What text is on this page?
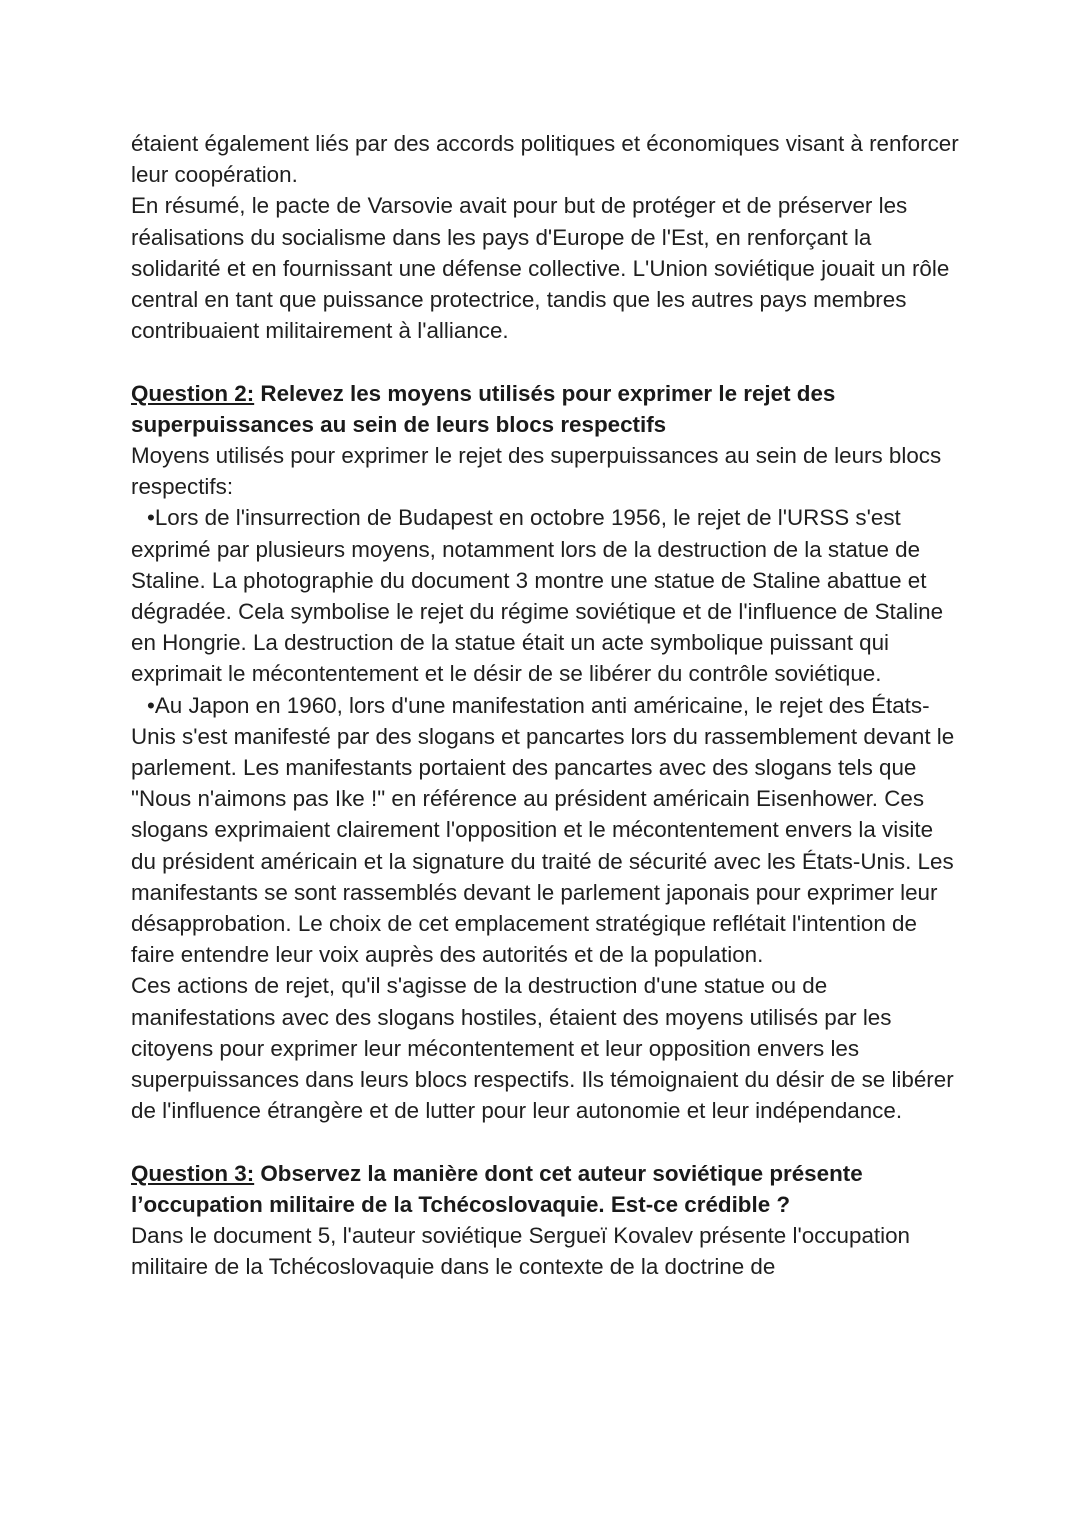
étaient également liés par des accords politiques et économiques visant à renforcer leur coopération.

En résumé, le pacte de Varsovie avait pour but de protéger et de préserver les réalisations du socialisme dans les pays d'Europe de l'Est, en renforçant la solidarité et en fournissant une défense collective. L'Union soviétique jouait un rôle central en tant que puissance protectrice, tandis que les autres pays membres contribuaient militairement à l'alliance.

Question 2: Relevez les moyens utilisés pour exprimer le rejet des superpuissances au sein de leurs blocs respectifs

Moyens utilisés pour exprimer le rejet des superpuissances au sein de leurs blocs respectifs:

•Lors de l'insurrection de Budapest en octobre 1956, le rejet de l'URSS s'est exprimé par plusieurs moyens, notamment lors de la destruction de la statue de Staline. La photographie du document 3 montre une statue de Staline abattue et dégradée. Cela symbolise le rejet du régime soviétique et de l'influence de Staline en Hongrie. La destruction de la statue était un acte symbolique puissant qui exprimait le mécontentement et le désir de se libérer du contrôle soviétique.

•Au Japon en 1960, lors d'une manifestation anti américaine, le rejet des États-Unis s'est manifesté par des slogans et pancartes lors du rassemblement devant le parlement. Les manifestants portaient des pancartes avec des slogans tels que "Nous n'aimons pas Ike !" en référence au président américain Eisenhower. Ces slogans exprimaient clairement l'opposition et le mécontentement envers la visite du président américain et la signature du traité de sécurité avec les États-Unis. Les manifestants se sont rassemblés devant le parlement japonais pour exprimer leur désapprobation. Le choix de cet emplacement stratégique reflétait l'intention de faire entendre leur voix auprès des autorités et de la population.

Ces actions de rejet, qu'il s'agisse de la destruction d'une statue ou de manifestations avec des slogans hostiles, étaient des moyens utilisés par les citoyens pour exprimer leur mécontentement et leur opposition envers les superpuissances dans leurs blocs respectifs. Ils témoignaient du désir de se libérer de l'influence étrangère et de lutter pour leur autonomie et leur indépendance.

Question 3: Observez la manière dont cet auteur soviétique présente l’occupation militaire de la Tchécoslovaquie. Est-ce crédible ?

Dans le document 5, l'auteur soviétique Sergueï Kovalev présente l'occupation militaire de la Tchécoslovaquie dans le contexte de la doctrine de
